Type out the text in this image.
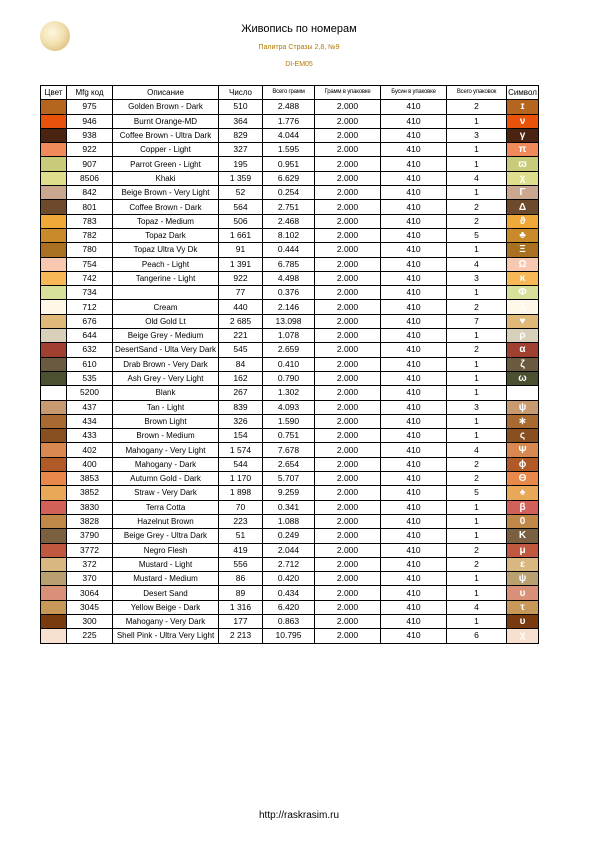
Живопись по номерам
Палитра Стразы 2,8, №9
DI-EM05
Цвет	Mfg код	Описание	Число	Всего грамм	Грамм в упаковке	Бусин в упаковке	Всего упаковок	Символ
	975	Golden Brown - Dark	510	2.488	2.000	410	2	ɪ
	946	Burnt Orange-MD	364	1.776	2.000	410	1	ν
	938	Coffee Brown - Ultra Dark	829	4.044	2.000	410	3	γ
	922	Copper - Light	327	1.595	2.000	410	1	π
	907	Parrot Green - Light	195	0.951	2.000	410	1	ϖ
	8506	Khaki	1 359	6.629	2.000	410	4	χ
	842	Beige Brown - Very Light	52	0.254	2.000	410	1	Γ
	801	Coffee Brown - Dark	564	2.751	2.000	410	2	Δ
	783	Topaz - Medium	506	2.468	2.000	410	2	ϑ
	782	Topaz Dark	1 661	8.102	2.000	410	5	♣
	780	Topaz Ultra Vy Dk	91	0.444	2.000	410	1	Ξ
	754	Peach - Light	1 391	6.785	2.000	410	4	Ω
	742	Tangerine - Light	922	4.498	2.000	410	3	κ
	734		77	0.376	2.000	410	1	Φ
	712	Cream	440	2.146	2.000	410	2	λ
	676	Old Gold Lt	2 685	13.098	2.000	410	7	♥
	644	Beige Grey - Medium	221	1.078	2.000	410	1	ρ
	632	DesertSand - Ulta Very Dark	545	2.659	2.000	410	2	α
	610	Drab Brown - Very Dark	84	0.410	2.000	410	1	ζ
	535	Ash Grey - Very Light	162	0.790	2.000	410	1	ω
	5200	Blank	267	1.302	2.000	410	1	A
	437	Tan - Light	839	4.093	2.000	410	3	ψ
	434	Brown Light	326	1.590	2.000	410	1	∗
	433	Brown - Medium	154	0.751	2.000	410	1	ς
	402	Mahogany - Very Light	1 574	7.678	2.000	410	4	Ψ
	400	Mahogany - Dark	544	2.654	2.000	410	2	ϕ
	3853	Autumn Gold - Dark	1 170	5.707	2.000	410	2	Θ
	3852	Straw - Very Dark	1 898	9.259	2.000	410	5	♠
	3830	Terra Cotta	70	0.341	2.000	410	1	β
	3828	Hazelnut Brown	223	1.088	2.000	410	1	0
	3790	Beige Grey - Ultra Dark	51	0.249	2.000	410	1	Κ
	3772	Negro Flesh	419	2.044	2.000	410	2	μ
	372	Mustard - Light	556	2.712	2.000	410	2	ε
	370	Mustard - Medium	86	0.420	2.000	410	1	ψ
	3064	Desert Sand	89	0.434	2.000	410	1	υ
	3045	Yellow Beige - Dark	1 316	6.420	2.000	410	4	τ
	300	Mahogany - Very Dark	177	0.863	2.000	410	1	υ
	225	Shell Pink - Ultra Very Light	2 213	10.795	2.000	410	6	χ
http://raskrasim.ru
